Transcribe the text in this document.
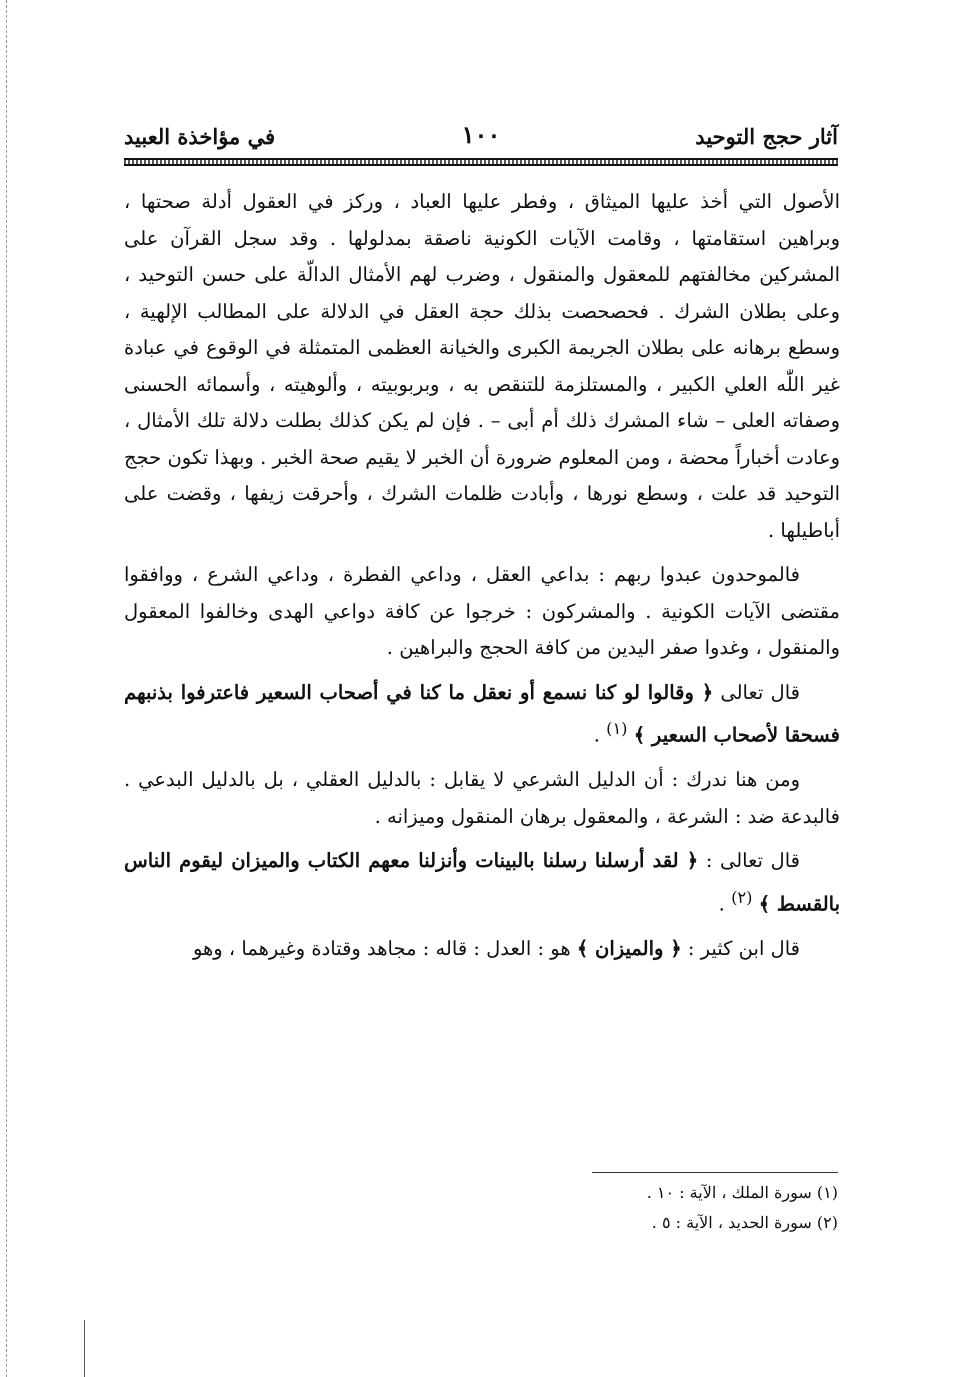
آثار حجج التوحيد
١٠٠
في مؤاخذة العبيد

الأصول التي أخذ عليها الميثاق ، وفطر عليها العباد ، وركز في العقول أدلة صحتها ، وبراهين استقامتها ، وقامت الآيات الكونية ناصقة بمدلولها . وقد سجل القرآن على المشركين مخالفتهم للمعقول والمنقول ، وضرب لهم الأمثال الدالّة على حسن التوحيد ، وعلى بطلان الشرك . فحصحصت بذلك حجة العقل في الدلالة على المطالب الإلهية ، وسطع برهانه على بطلان الجريمة الكبرى والخيانة العظمى المتمثلة في الوقوع في عبادة غير اللّٰه العلي الكبير ، والمستلزمة للتنقص به ، وبربوبيته ، وألوهيته ، وأسمائه الحسنى وصفاته العلى – شاء المشرك ذلك أم أبى – . فإن لم يكن كذلك بطلت دلالة تلك الأمثال ، وعادت أخباراً محضة ، ومن المعلوم ضرورة أن الخبر لا يقيم صحة الخبر . وبهذا تكون حجج التوحيد قد علت ، وسطع نورها ، وأبادت ظلمات الشرك ، وأحرقت زيفها ، وقضت على أباطيلها .

فالموحدون عبدوا ربهم : بداعي العقل ، وداعي الفطرة ، وداعي الشرع ، ووافقوا مقتضى الآيات الكونية . والمشركون : خرجوا عن كافة دواعي الهدى وخالفوا المعقول والمنقول ، وغدوا صفر اليدين من كافة الحجج والبراهين .

قال تعالى ﴿ وقالوا لو كنا نسمع أو نعقل ما كنا في أصحاب السعير فاعترفوا بذنبهم فسحقا لأصحاب السعير ﴾ $^{(١)}$ .

ومن هنا ندرك : أن الدليل الشرعي لا يقابل : بالدليل العقلي ، بل بالدليل البدعي . فالبدعة ضد : الشرعة ، والمعقول برهان المنقول وميزانه .

قال تعالى : ﴿ لقد أرسلنا رسلنا بالبينات وأنزلنا معهم الكتاب والميزان ليقوم الناس بالقسط ﴾ $^{(٢)}$ .

قال ابن كثير : ﴿ والميزان ﴾ هو : العدل : قاله : مجاهد وقتادة وغيرهما ، وهو

(١) سورة الملك ، الآية : ١٠ .
(٢) سورة الحديد ، الآية : ٥ .
